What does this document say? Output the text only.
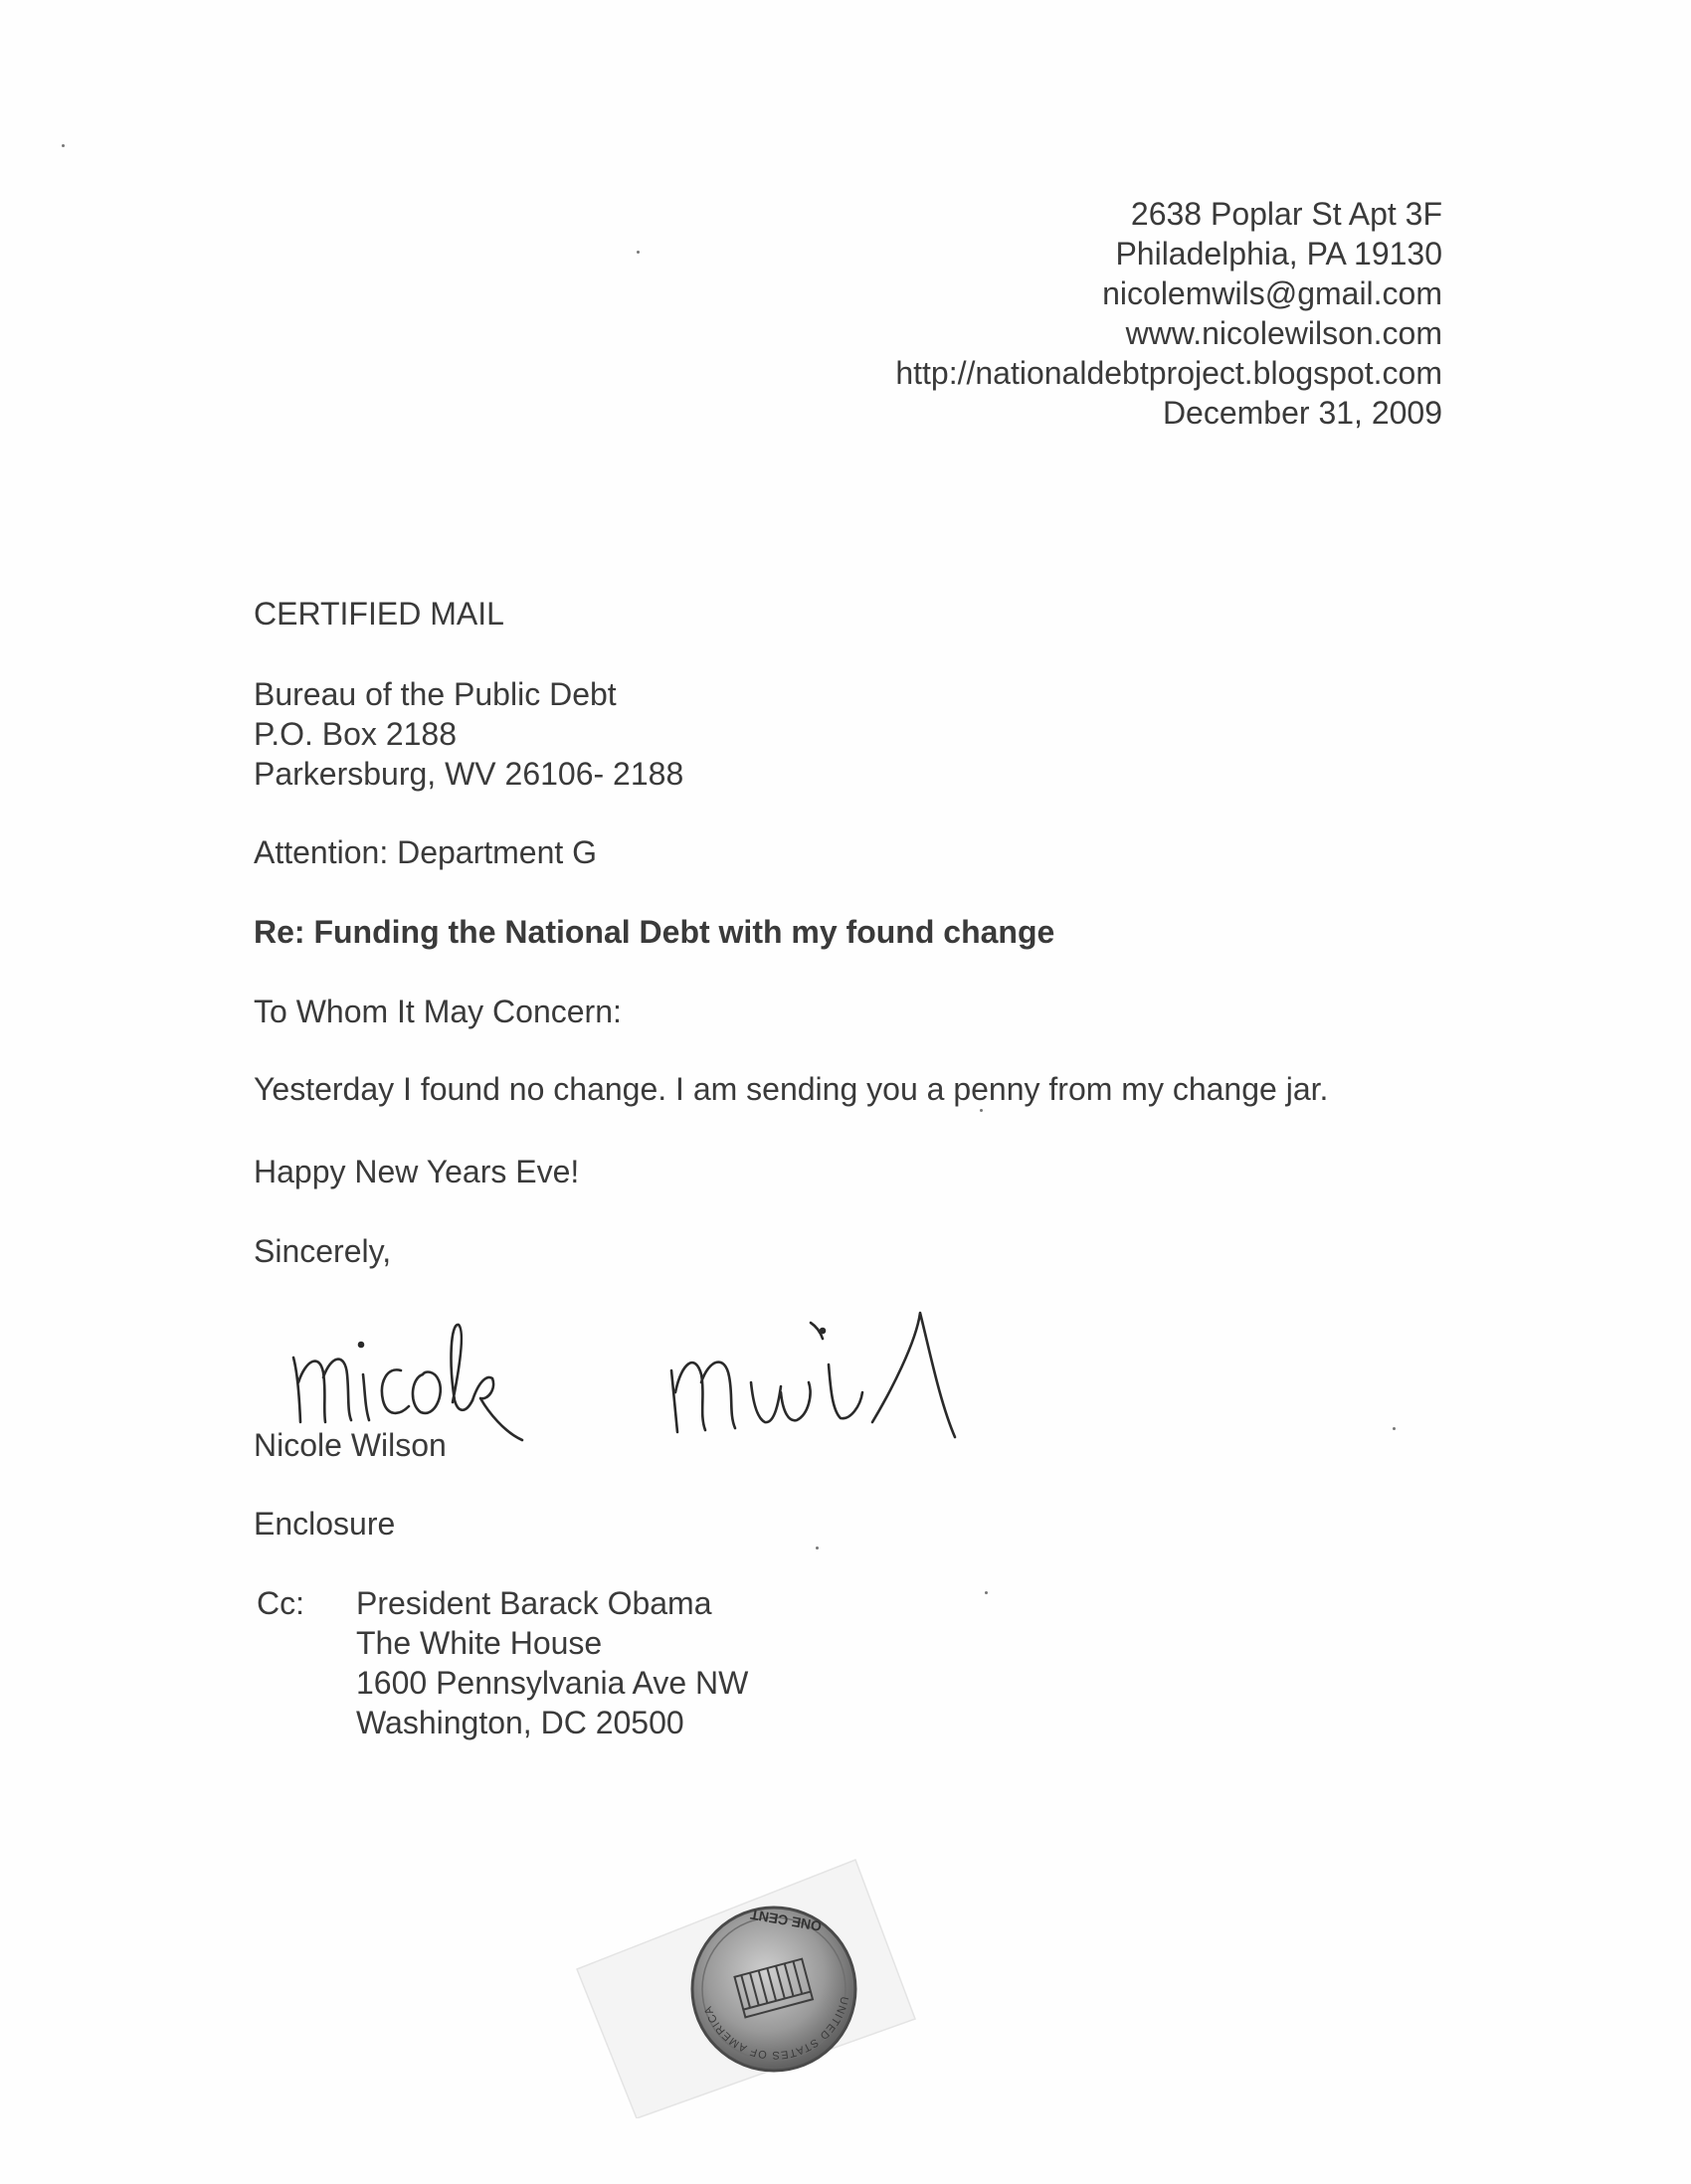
2638 Poplar St Apt 3F
Philadelphia, PA 19130
nicolemwils@gmail.com
www.nicolewilson.com
http://nationaldebtproject.blogspot.com
December 31, 2009
CERTIFIED MAIL
Bureau of the Public Debt
P.O. Box 2188
Parkersburg, WV 26106- 2188
Attention: Department G
Re: Funding the National Debt with my found change
To Whom It May Concern:
Yesterday I found no change. I am sending you a penny from my change jar.
Happy New Years Eve!
Sincerely,
Nicole Wilson
Enclosure
Cc: President Barack Obama
The White House
1600 Pennsylvania Ave NW
Washington, DC 20500
UNITED STATES OF AMERICA
ONE CENT
